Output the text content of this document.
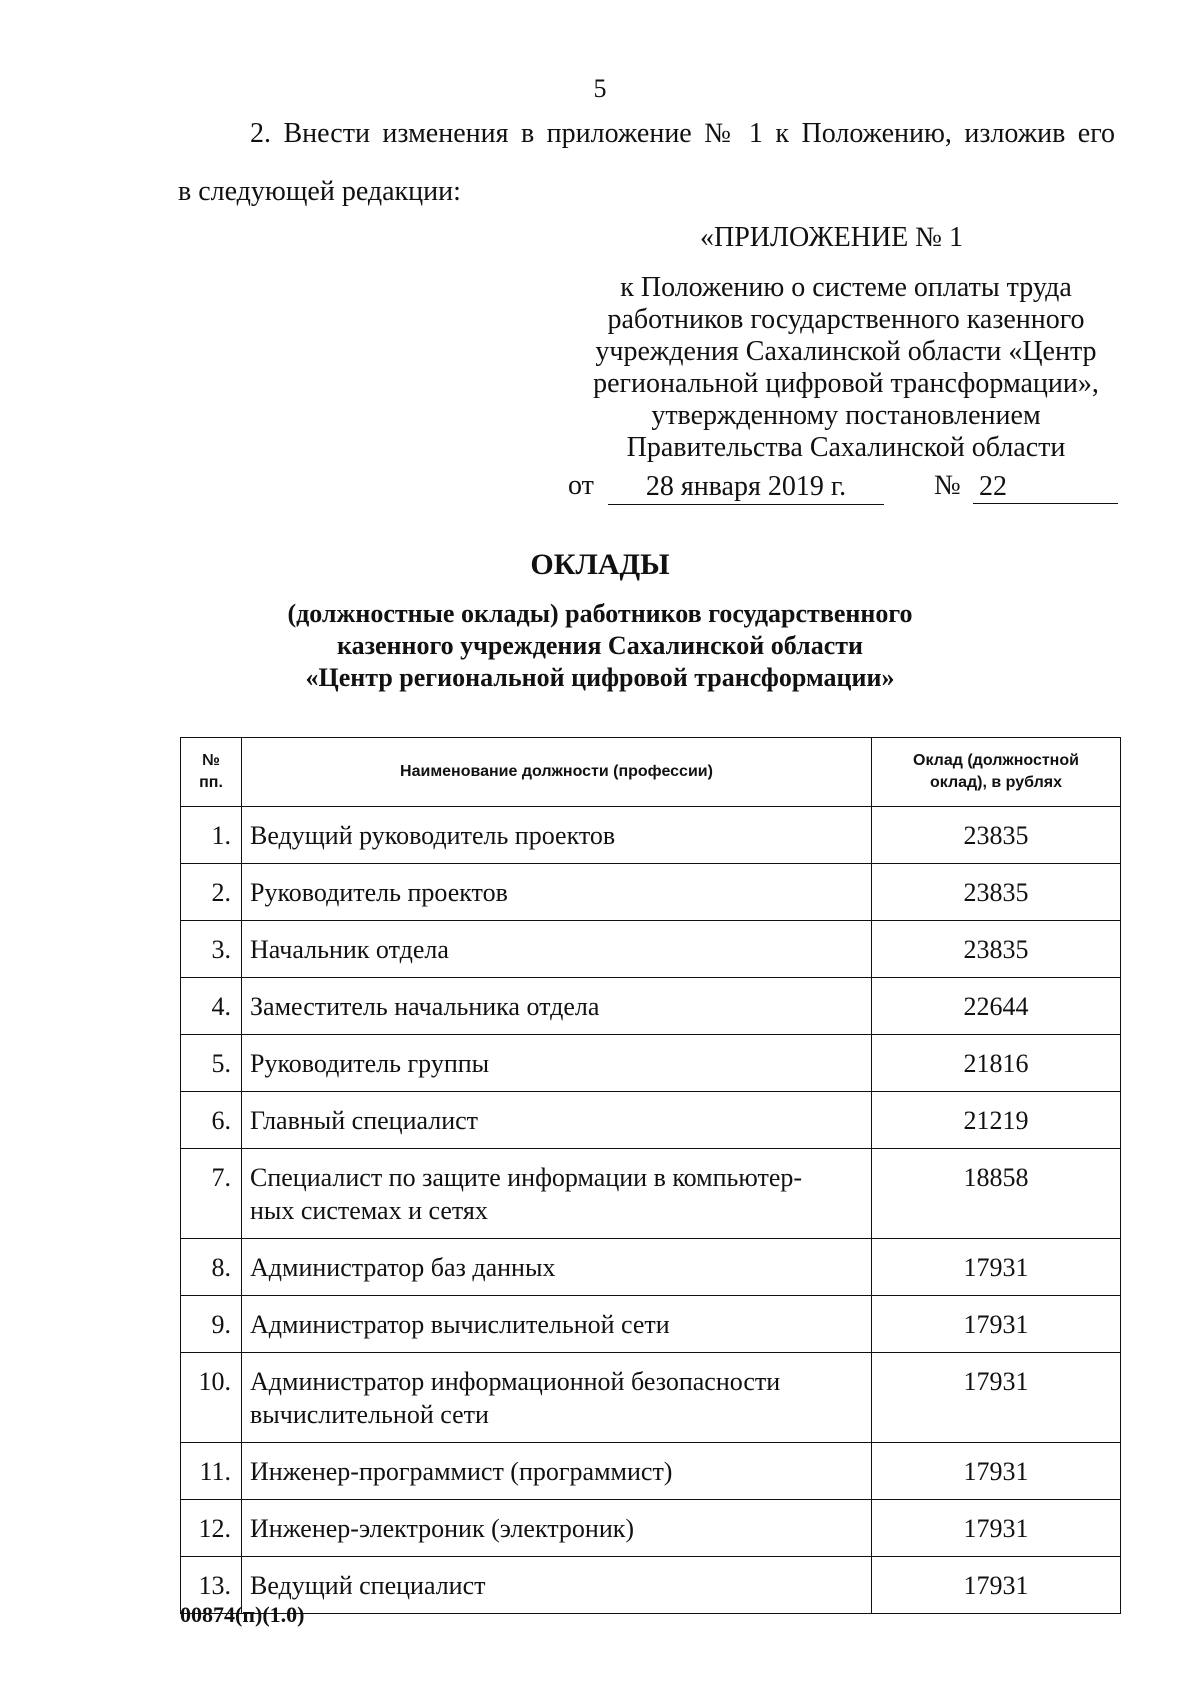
5
2. Внести изменения в приложение № 1 к Положению, изложив его
в следующей редакции:
«ПРИЛОЖЕНИЕ № 1
к Положению о системе оплаты труда
работников государственного казенного
учреждения Сахалинской области «Центр
региональной цифровой трансформации»,
утвержденному постановлением
Правительства Сахалинской области
от	28 января 2019 г.	№ 22
ОКЛАДЫ
(должностные оклады) работников государственного
казенного учреждения Сахалинской области
«Центр региональной цифровой трансформации»
№
пп.	Наименование должности (профессии)	Оклад (должностной
оклад), в рублях
1.	Ведущий руководитель проектов	23835
2.	Руководитель проектов	23835
3.	Начальник отдела	23835
4.	Заместитель начальника отдела	22644
5.	Руководитель группы	21816
6.	Главный специалист	21219
7.	Специалист по защите информации в компьютер-
ных системах и сетях	18858
8.	Администратор баз данных	17931
9.	Администратор вычислительной сети	17931
10.	Администратор информационной безопасности
вычислительной сети	17931
11.	Инженер-программист (программист)	17931
12.	Инженер-электроник (электроник)	17931
13.	Ведущий специалист	17931
00874(п)(1.0)
